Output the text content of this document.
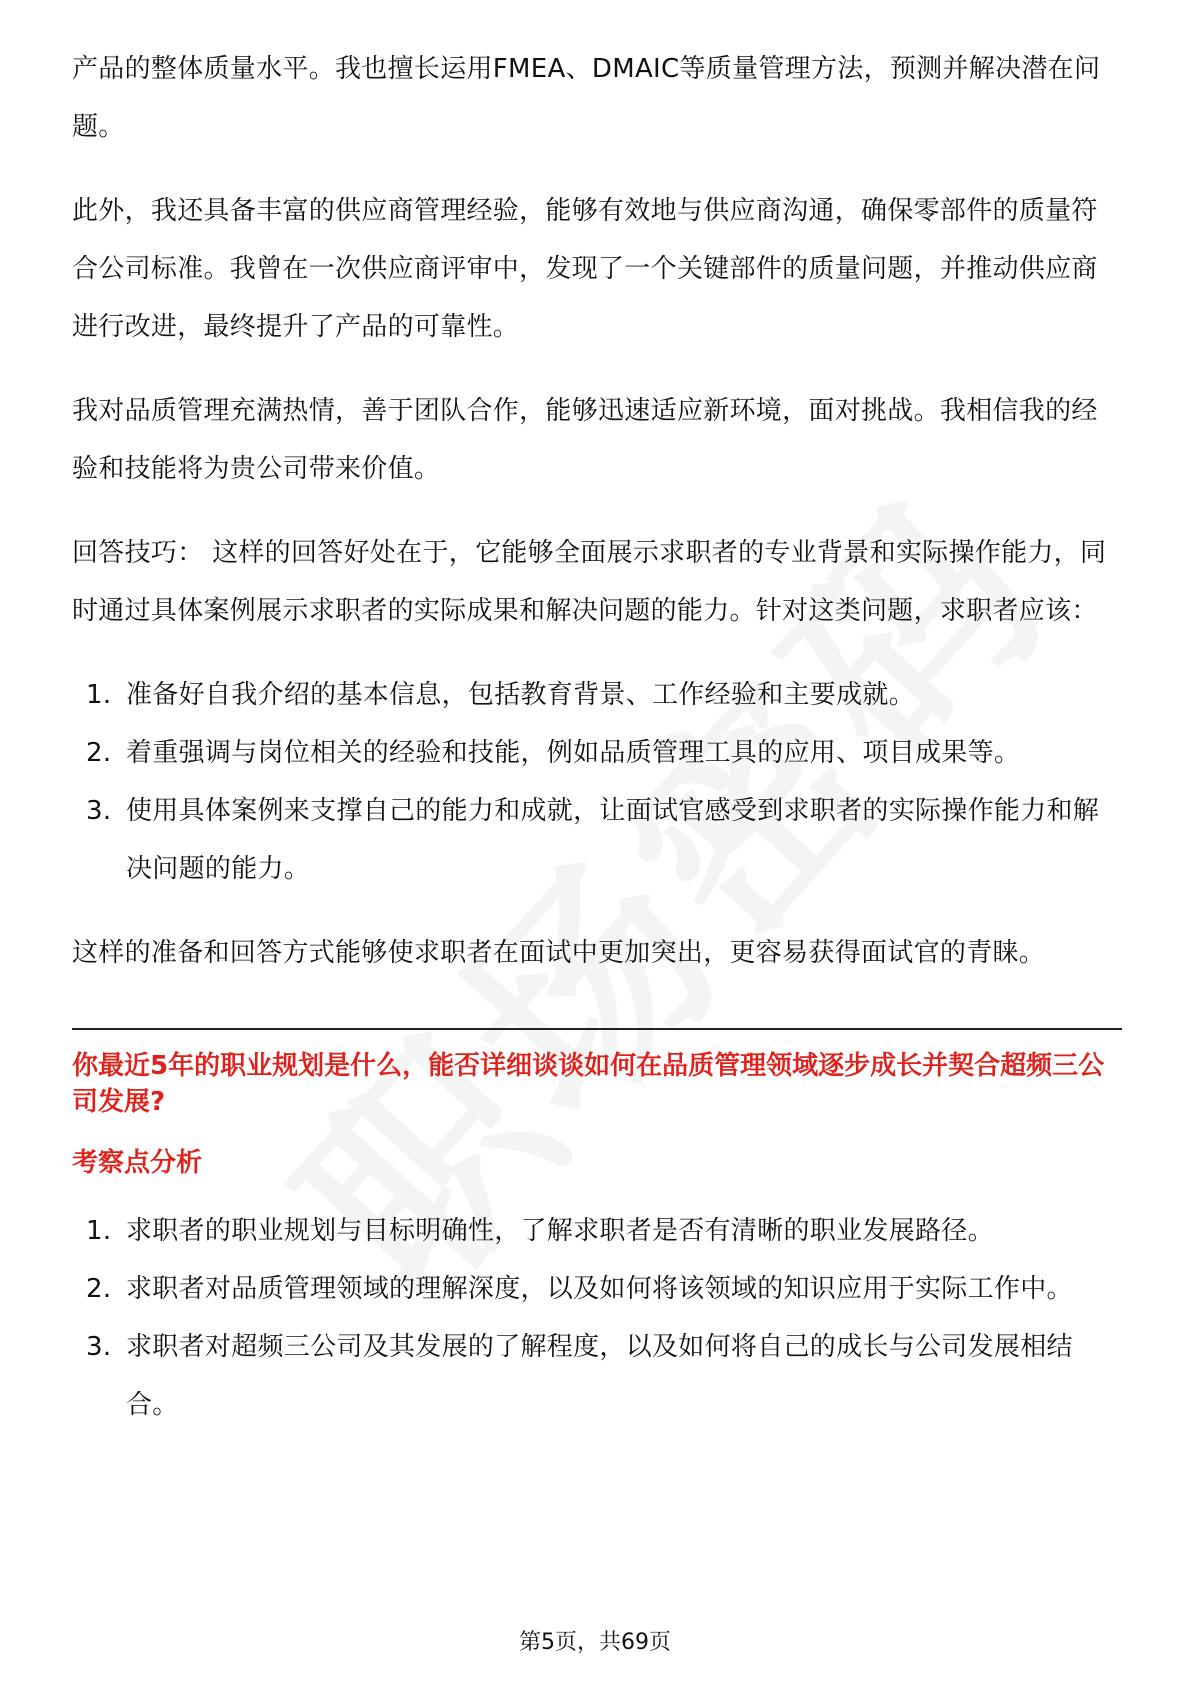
产品的整体质量水平。我也擅长运用FMEA、DMAIC等质量管理方法，预测并解决潜在问题。

此外，我还具备丰富的供应商管理经验，能够有效地与供应商沟通，确保零部件的质量符合公司标准。我曾在一次供应商评审中，发现了一个关键部件的质量问题，并推动供应商进行改进，最终提升了产品的可靠性。

我对品质管理充满热情，善于团队合作，能够迅速适应新环境，面对挑战。我相信我的经验和技能将为贵公司带来价值。

回答技巧： 这样的回答好处在于，它能够全面展示求职者的专业背景和实际操作能力，同时通过具体案例展示求职者的实际成果和解决问题的能力。针对这类问题，求职者应该：

1. 准备好自我介绍的基本信息，包括教育背景、工作经验和主要成就。
2. 着重强调与岗位相关的经验和技能，例如品质管理工具的应用、项目成果等。
3. 使用具体案例来支撑自己的能力和成就，让面试官感受到求职者的实际操作能力和解决问题的能力。

这样的准备和回答方式能够使求职者在面试中更加突出，更容易获得面试官的青睐。

你最近5年的职业规划是什么，能否详细谈谈如何在品质管理领域逐步成长并契合超频三公司发展?
考察点分析
1. 求职者的职业规划与目标明确性，了解求职者是否有清晰的职业发展路径。
2. 求职者对品质管理领域的理解深度，以及如何将该领域的知识应用于实际工作中。
3. 求职者对超频三公司及其发展的了解程度，以及如何将自己的成长与公司发展相结合。
第5页，共69页
